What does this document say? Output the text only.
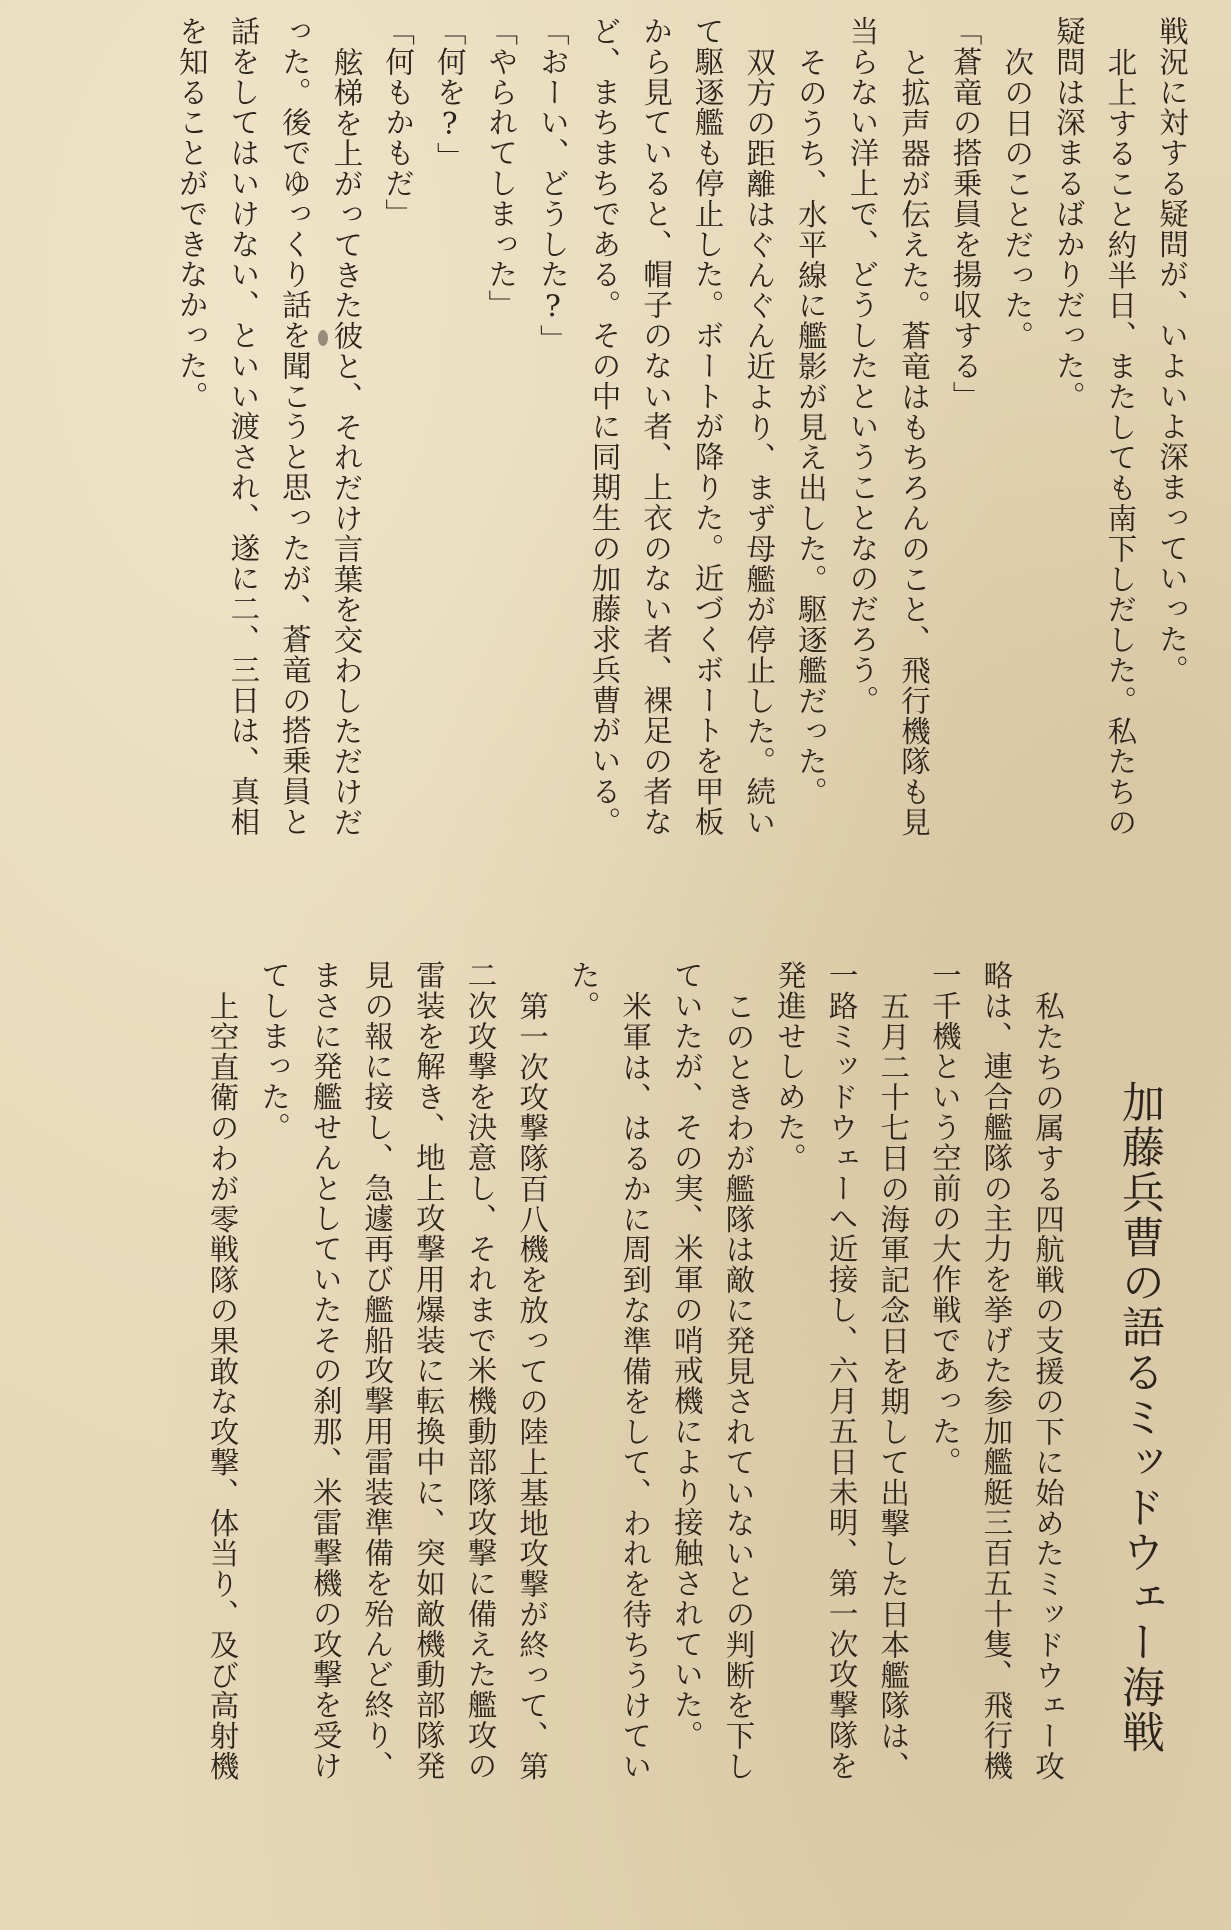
戦況に対する疑問が、いよいよ深まっていった。
北上すること約半日、またしても南下しだした。私たちの
疑問は深まるばかりだった。
次の日のことだった。
「蒼竜の搭乗員を揚収する」
と拡声器が伝えた。蒼竜はもちろんのこと、飛行機隊も見
当らない洋上で、どうしたということなのだろう。
そのうち、水平線に艦影が見え出した。駆逐艦だった。
双方の距離はぐんぐん近より、まず母艦が停止した。続い
て駆逐艦も停止した。ボートが降りた。近づくボートを甲板
から見ていると、帽子のない者、上衣のない者、裸足の者な
ど、まちまちである。その中に同期生の加藤求兵曹がいる。
「おーい、どうした?」
「やられてしまった」
「何を?」
「何もかもだ」
舷梯を上がってきた彼と、それだけ言葉を交わしただけだ
った。後でゆっくり話を聞こうと思ったが、蒼竜の搭乗員と
話をしてはいけない、といい渡され、遂に二、三日は、真相
を知ることができなかった。
加藤兵曹の語るミッドウェー海戦
私たちの属する四航戦の支援の下に始めたミッドウェー攻
略は、連合艦隊の主力を挙げた参加艦艇三百五十隻、飛行機
一千機という空前の大作戦であった。
五月二十七日の海軍記念日を期して出撃した日本艦隊は、
一路ミッドウェーへ近接し、六月五日未明、第一次攻撃隊を
発進せしめた。
このときわが艦隊は敵に発見されていないとの判断を下し
ていたが、その実、米軍の哨戒機により接触されていた。
米軍は、はるかに周到な準備をして、われを待ちうけてい
た。
第一次攻撃隊百八機を放っての陸上基地攻撃が終って、第
二次攻撃を決意し、それまで米機動部隊攻撃に備えた艦攻の
雷装を解き、地上攻撃用爆装に転換中に、突如敵機動部隊発
見の報に接し、急遽再び艦船攻撃用雷装準備を殆んど終り、
まさに発艦せんとしていたその刹那、米雷撃機の攻撃を受け
てしまった。
上空直衛のわが零戦隊の果敢な攻撃、体当り、及び高射機
